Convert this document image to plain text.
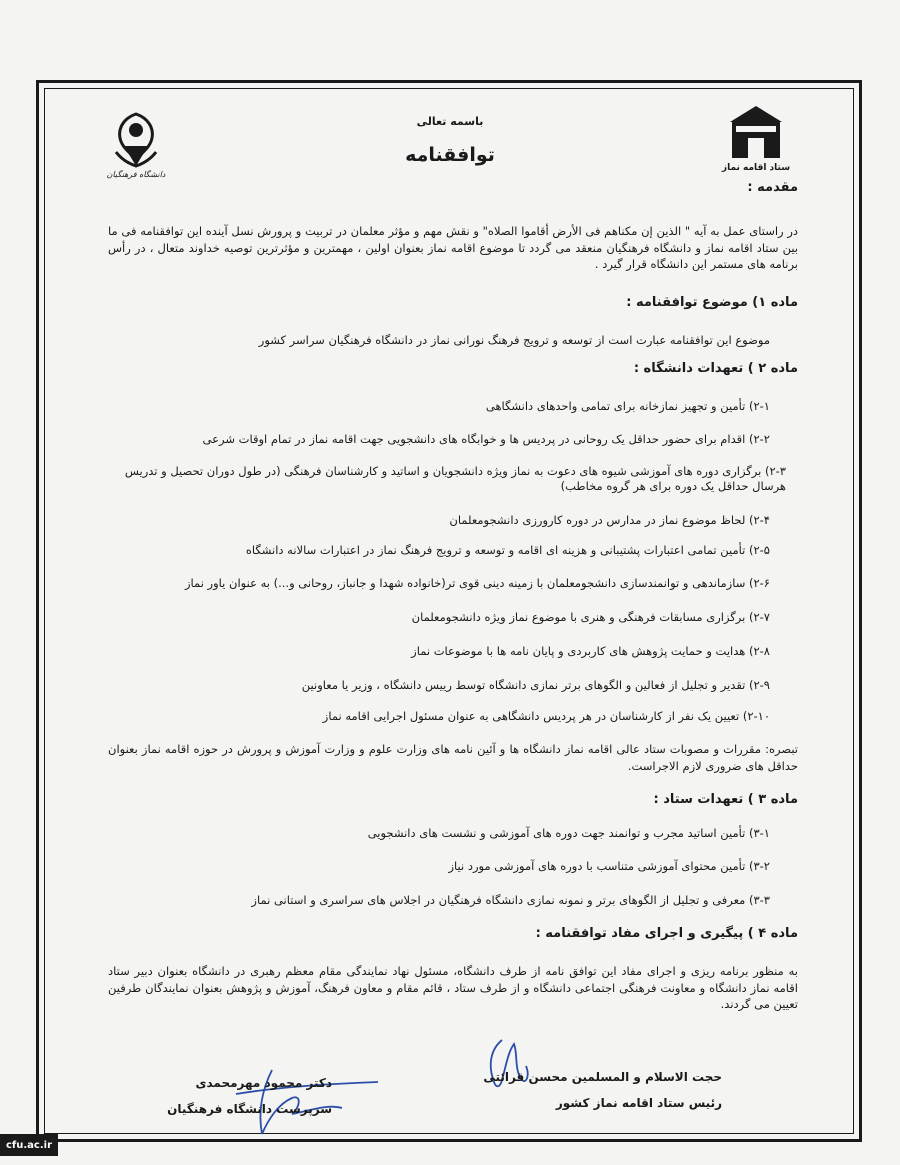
باسمه تعالی
توافقنامه
دانشگاه فرهنگیان
ستاد اقامه نماز
مقدمه :
در راستای عمل به آیه " الذین إن مکناهم فی الأرض أقاموا الصلاه" و نقش مهم و مؤثر معلمان در تربیت و پرورش نسل آینده این توافقنامه فی ما بین ستاد اقامه نماز و دانشگاه فرهنگیان منعقد می گردد تا موضوع اقامه نماز بعنوان اولین ، مهمترین و مؤثرترین توصیه خداوند متعال ، در رأس برنامه های مستمر این دانشگاه قرار گیرد .
ماده ۱) موضوع توافقنامه :
موضوع این توافقنامه عبارت است از توسعه و ترویج فرهنگ نورانی نماز در دانشگاه فرهنگیان سراسر کشور
ماده ۲ ) تعهدات دانشگاه :
۲-۱) تأمین و تجهیز نمازخانه برای تمامی واحدهای دانشگاهی
۲-۲) اقدام برای حضور حداقل یک روحانی در پردیس ها و خوابگاه های دانشجویی جهت اقامه نماز در تمام اوقات شرعی
۲-۳) برگزاری دوره های آموزشی شیوه های دعوت به نماز ویژه دانشجویان و اساتید و کارشناسان فرهنگی (در طول دوران تحصیل و تدریس هرسال حداقل یک دوره برای هر گروه مخاطب)
۲-۴) لحاظ موضوع نماز در مدارس در دوره کارورزی دانشجومعلمان
۲-۵) تأمین تمامی اعتبارات پشتیبانی و هزینه ای اقامه و توسعه و ترویج فرهنگ نماز در اعتبارات سالانه دانشگاه
۲-۶) سازماندهی و توانمندسازی دانشجومعلمان با زمینه دینی قوی تر(خانواده شهدا و جانباز، روحانی و...) به عنوان یاور نماز
۲-۷) برگزاری مسابقات فرهنگی و هنری با موضوع نماز ویژه دانشجومعلمان
۲-۸) هدایت و حمایت پژوهش های کاربردی و پایان نامه ها با موضوعات نماز
۲-۹) تقدیر و تجلیل از فعالین و الگوهای برتر نمازی دانشگاه توسط رییس دانشگاه ، وزیر یا معاونین
۲-۱۰) تعیین یک نفر از کارشناسان در هر پردیس دانشگاهی به عنوان مسئول اجرایی اقامه نماز
تبصره: مقررات و مصوبات ستاد عالی اقامه نماز دانشگاه ها و آئین نامه های وزارت علوم و وزارت آموزش و پرورش در حوزه اقامه نماز بعنوان حداقل های ضروری لازم الاجراست.
ماده ۳ ) تعهدات ستاد :
۳-۱) تأمین اساتید مجرب و توانمند جهت دوره های آموزشی و نشست های دانشجویی
۳-۲) تأمین محتوای آموزشی متناسب با دوره های آموزشی مورد نیاز
۳-۳) معرفی و تجلیل از الگوهای برتر و نمونه نمازی دانشگاه فرهنگیان در اجلاس های سراسری و استانی نماز
ماده ۴ ) پیگیری و اجرای مفاد توافقنامه :
به منظور برنامه ریزی و اجرای مفاد این توافق نامه از طرف دانشگاه، مسئول نهاد نمایندگی مقام معظم رهبری در دانشگاه بعنوان دبیر ستاد اقامه نماز دانشگاه و معاونت فرهنگی اجتماعی دانشگاه و از طرف ستاد ، قائم مقام و معاون فرهنگ، آموزش و پژوهش بعنوان نمایندگان طرفین تعیین می گردند.
حجت الاسلام و المسلمین محسن قرائتی
رئیس ستاد اقامه نماز کشور
دکتر محمود مهرمحمدی
سرپرست دانشگاه فرهنگیان
cfu.ac.ir
